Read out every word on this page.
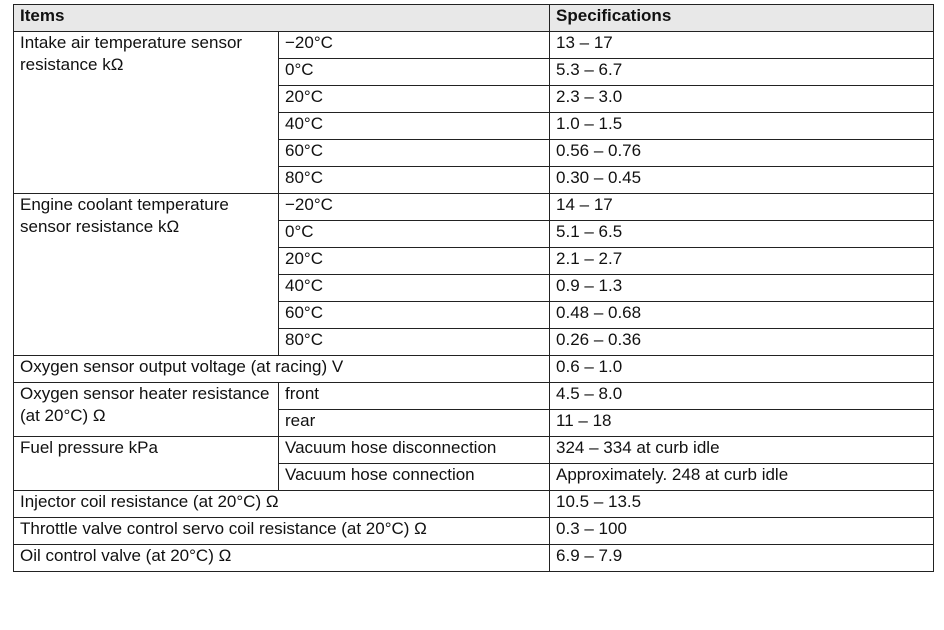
Items		Specifications
Intake air temperature sensor resistance kΩ	−20°C	13 – 17
	0°C	5.3 – 6.7
	20°C	2.3 – 3.0
	40°C	1.0 – 1.5
	60°C	0.56 – 0.76
	80°C	0.30 – 0.45
Engine coolant temperature sensor resistance kΩ	−20°C	14 – 17
	0°C	5.1 – 6.5
	20°C	2.1 – 2.7
	40°C	0.9 – 1.3
	60°C	0.48 – 0.68
	80°C	0.26 – 0.36
Oxygen sensor output voltage (at racing) V		0.6 – 1.0
Oxygen sensor heater resistance (at 20°C) Ω	front	4.5 – 8.0
	rear	11 – 18
Fuel pressure kPa	Vacuum hose disconnection	324 – 334 at curb idle
	Vacuum hose connection	Approximately. 248 at curb idle
Injector coil resistance (at 20°C) Ω		10.5 – 13.5
Throttle valve control servo coil resistance (at 20°C) Ω		0.3 – 100
Oil control valve (at 20°C) Ω		6.9 – 7.9
